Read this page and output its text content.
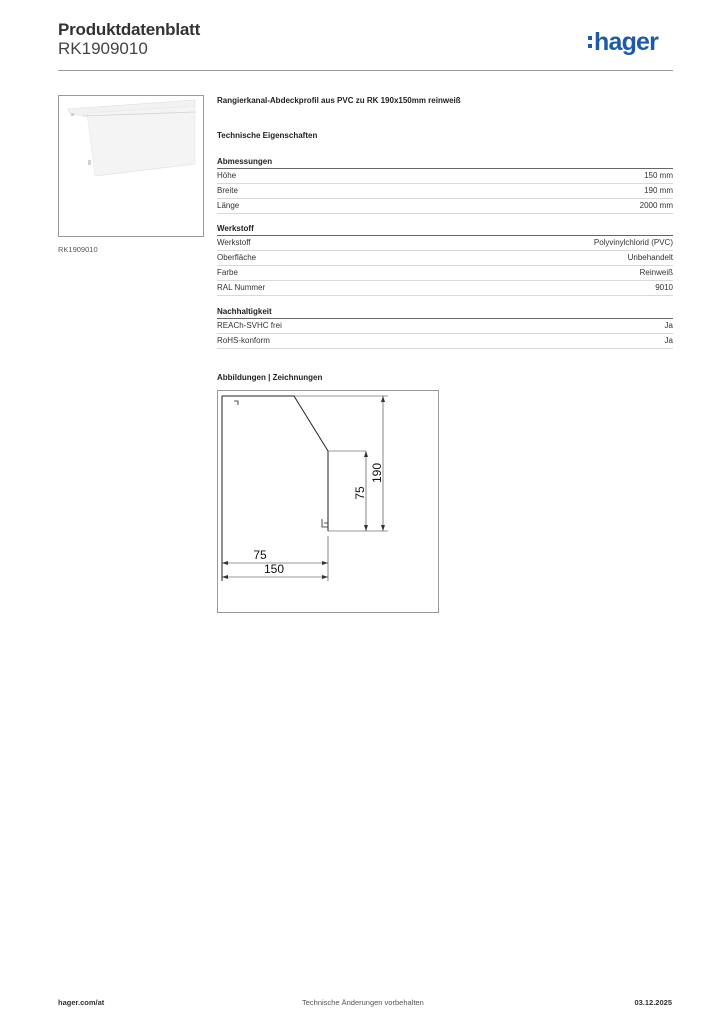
Produktdatenblatt
RK1909010	hager
RK1909010
Rangierkanal-Abdeckprofil aus PVC zu RK 190x150mm reinweiß
Technische Eigenschaften
Abmessungen
Höhe	150 mm
Breite	190 mm
Länge	2000 mm
Werkstoff
Werkstoff	Polyvinylchlorid (PVC)
Oberfläche	Unbehandelt
Farbe	Reinweiß
RAL Nummer	9010
Nachhaltigkeit
REACh-SVHC frei	Ja
RoHS-konform	Ja
Abbildungen | Zeichnungen
190
75
75
150
hager.com/at	Technische Änderungen vorbehalten	03.12.2025
